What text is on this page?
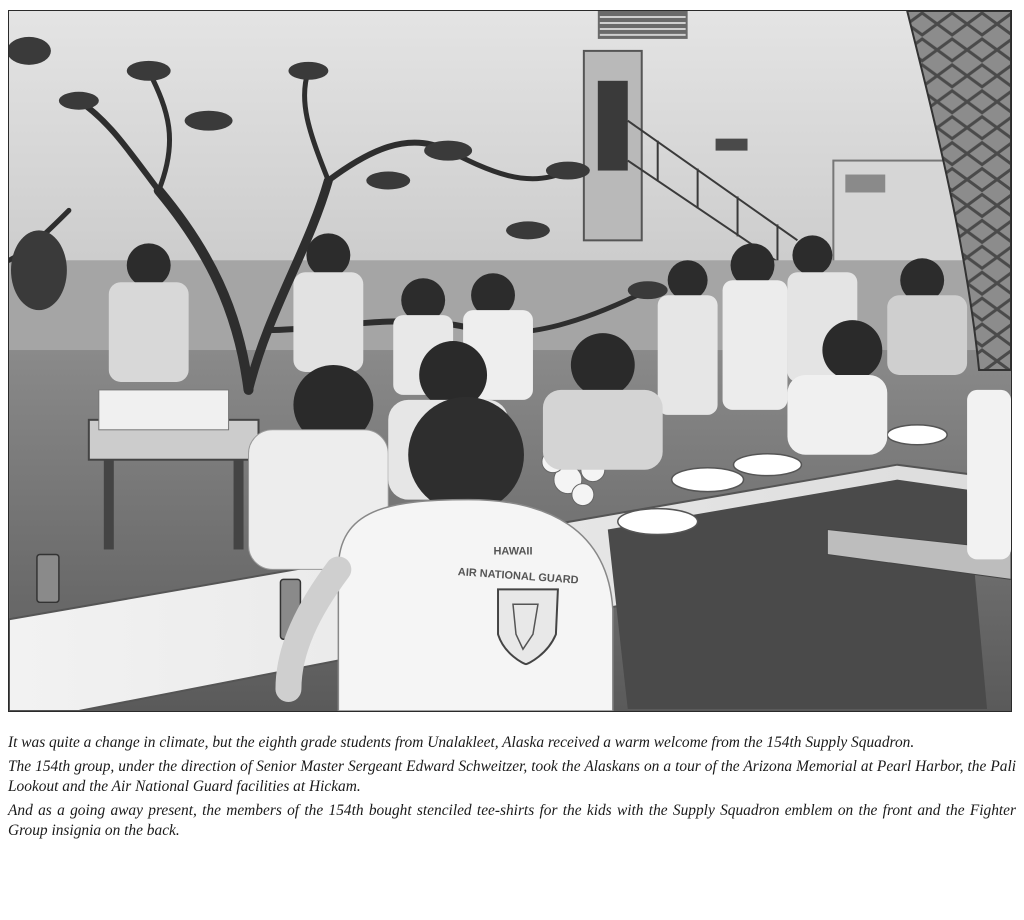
HAWAII
AIR NATIONAL GUARD

It was quite a change in climate, but the eighth grade students from Unalakleet, Alaska received a warm welcome from the 154th Supply Squadron.

The 154th group, under the direction of Senior Master Sergeant Edward Schweitzer, took the Alaskans on a tour of the Arizona Memorial at Pearl Harbor, the Pali Lookout and the Air National Guard facilities at Hickam.

And as a going away present, the members of the 154th bought stenciled tee-shirts for the kids with the Supply Squadron emblem on the front and the Fighter Group insignia on the back.
